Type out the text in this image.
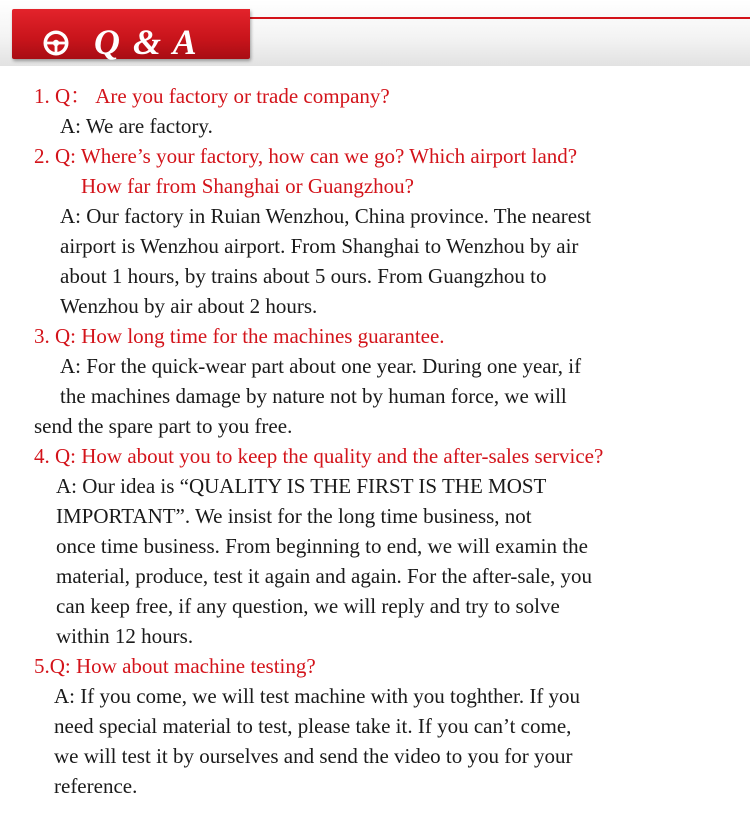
Q & A
1. Q： Are you factory or trade company?
A: We are factory.
2. Q: Where’s your factory, how can we go? Which airport land?
How far from Shanghai or Guangzhou?
A: Our factory in Ruian Wenzhou, China province. The nearest
airport is Wenzhou airport. From Shanghai to Wenzhou by air
about 1 hours, by trains about 5 ours. From Guangzhou to
Wenzhou by air about 2 hours.
3. Q: How long time for the machines guarantee.
A: For the quick-wear part about one year. During one year, if
the machines damage by nature not by human force, we will
send the spare part to you free.
4. Q: How about you to keep the quality and the after-sales service?
A: Our idea is “QUALITY IS THE FIRST IS THE MOST
IMPORTANT”. We insist for the long time business, not
once time business. From beginning to end, we will examin the
material, produce, test it again and again. For the after-sale, you
can keep free, if any question, we will reply and try to solve
within 12 hours.
5.Q: How about machine testing?
A: If you come, we will test machine with you toghther. If you
need special material to test, please take it. If you can’t come,
we will test it by ourselves and send the video to you for your
reference.
